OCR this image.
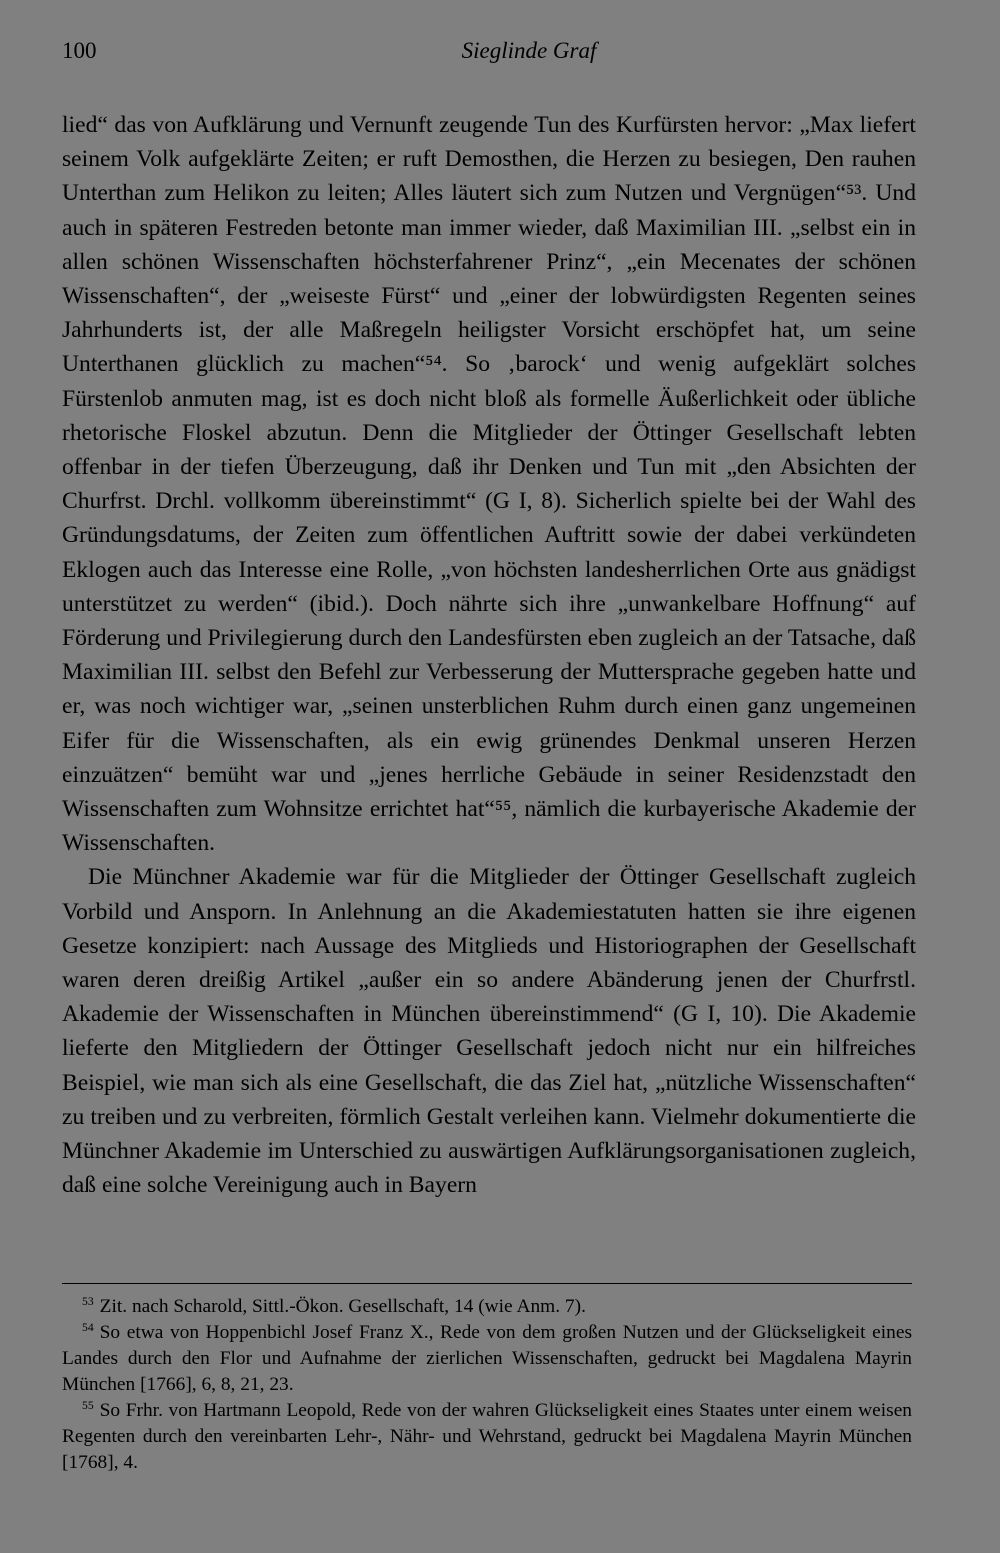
100	Sieglinde Graf

lied“ das von Aufklärung und Vernunft zeugende Tun des Kurfürsten hervor: „Max liefert seinem Volk aufgeklärte Zeiten; er ruft Demosthen, die Herzen zu besiegen, Den rauhen Unterthan zum Helikon zu leiten; Alles läutert sich zum Nutzen und Vergnügen“⁵³. Und auch in späteren Festreden betonte man immer wieder, daß Maximilian III. „selbst ein in allen schönen Wissenschaften höchsterfahrener Prinz“, „ein Mecenates der schönen Wissenschaften“, der „weiseste Fürst“ und „einer der lobwürdigsten Regenten seines Jahrhunderts ist, der alle Maßregeln heiligster Vorsicht erschöpfet hat, um seine Unterthanen glücklich zu machen“⁵⁴. So ‚barock‘ und wenig aufgeklärt solches Fürstenlob anmuten mag, ist es doch nicht bloß als formelle Äußerlichkeit oder übliche rhetorische Floskel abzutun. Denn die Mitglieder der Öttinger Gesellschaft lebten offenbar in der tiefen Überzeugung, daß ihr Denken und Tun mit „den Absichten der Churfrst. Drchl. vollkomm übereinstimmt“ (G I, 8). Sicherlich spielte bei der Wahl des Gründungsdatums, der Zeiten zum öffentlichen Auftritt sowie der dabei verkündeten Eklogen auch das Interesse eine Rolle, „von höchsten landesherrlichen Orte aus gnädigst unterstützet zu werden“ (ibid.). Doch nährte sich ihre „unwankelbare Hoffnung“ auf Förderung und Privilegierung durch den Landesfürsten eben zugleich an der Tatsache, daß Maximilian III. selbst den Befehl zur Verbesserung der Muttersprache gegeben hatte und er, was noch wichtiger war, „seinen unsterblichen Ruhm durch einen ganz ungemeinen Eifer für die Wissenschaften, als ein ewig grünendes Denkmal unseren Herzen einzuätzen“ bemüht war und „jenes herrliche Gebäude in seiner Residenzstadt den Wissenschaften zum Wohnsitze errichtet hat“⁵⁵, nämlich die kurbayerische Akademie der Wissenschaften.

Die Münchner Akademie war für die Mitglieder der Öttinger Gesellschaft zugleich Vorbild und Ansporn. In Anlehnung an die Akademiestatuten hatten sie ihre eigenen Gesetze konzipiert: nach Aussage des Mitglieds und Historiographen der Gesellschaft waren deren dreißig Artikel „außer ein so andere Abänderung jenen der Churfrstl. Akademie der Wissenschaften in München übereinstimmend“ (G I, 10). Die Akademie lieferte den Mitgliedern der Öttinger Gesellschaft jedoch nicht nur ein hilfreiches Beispiel, wie man sich als eine Gesellschaft, die das Ziel hat, „nützliche Wissenschaften“ zu treiben und zu verbreiten, förmlich Gestalt verleihen kann. Vielmehr dokumentierte die Münchner Akademie im Unterschied zu auswärtigen Aufklärungsorganisationen zugleich, daß eine solche Vereinigung auch in Bayern

$^{53}$ Zit. nach Scharold, Sittl.-Ökon. Gesellschaft, 14 (wie Anm. 7).

$^{54}$ So etwa von Hoppenbichl Josef Franz X., Rede von dem großen Nutzen und der Glückseligkeit eines Landes durch den Flor und Aufnahme der zierlichen Wissenschaften, gedruckt bei Magdalena Mayrin München [1766], 6, 8, 21, 23.

$^{55}$ So Frhr. von Hartmann Leopold, Rede von der wahren Glückseligkeit eines Staates unter einem weisen Regenten durch den vereinbarten Lehr-, Nähr- und Wehrstand, gedruckt bei Magdalena Mayrin München [1768], 4.
